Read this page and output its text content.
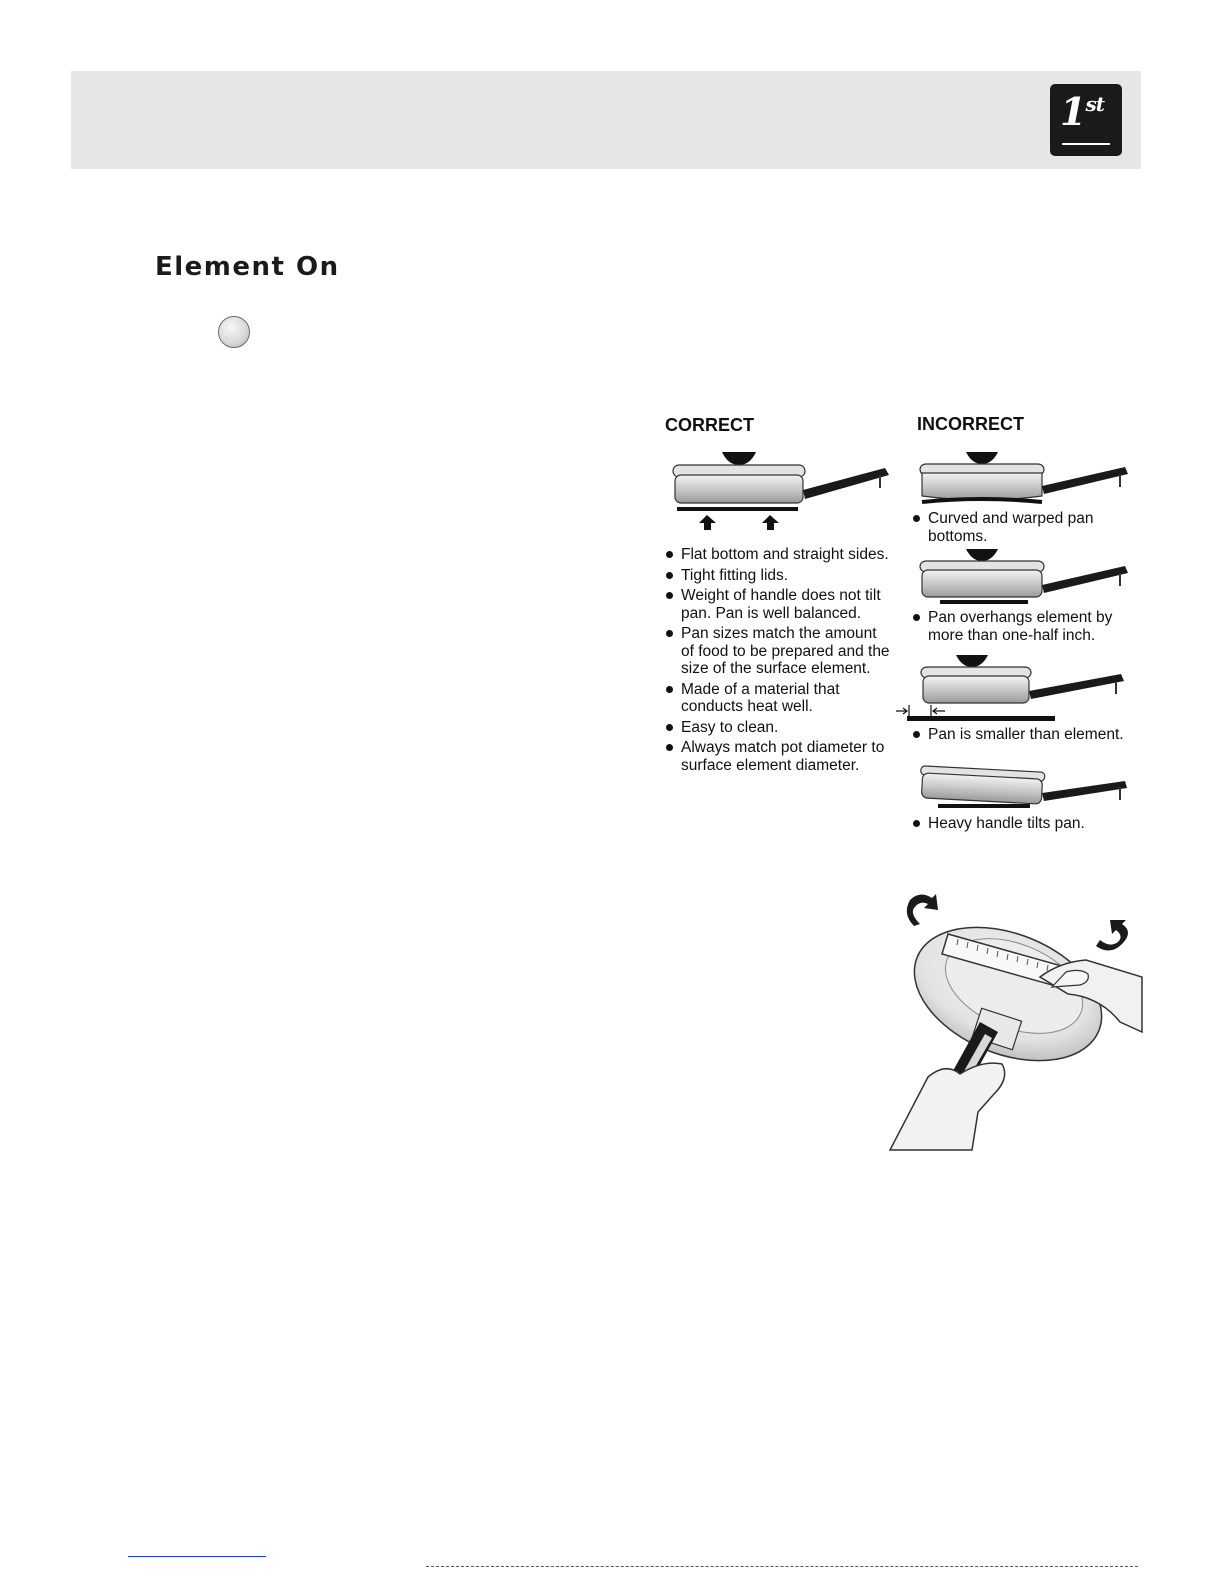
1st
Element On
CORRECT
Flat bottom and straight sides.
Tight fitting lids.
Weight of handle does not tilt pan. Pan is well balanced.
Pan sizes match the amount of food to be prepared and the size of the surface element.
Made of a material that conducts heat well.
Easy to clean.
Always match pot diameter to surface element diameter.
INCORRECT
Curved and warped pan bottoms.
Pan overhangs element by more than one-half inch.
Pan is smaller than element.
Heavy handle tilts pan.
